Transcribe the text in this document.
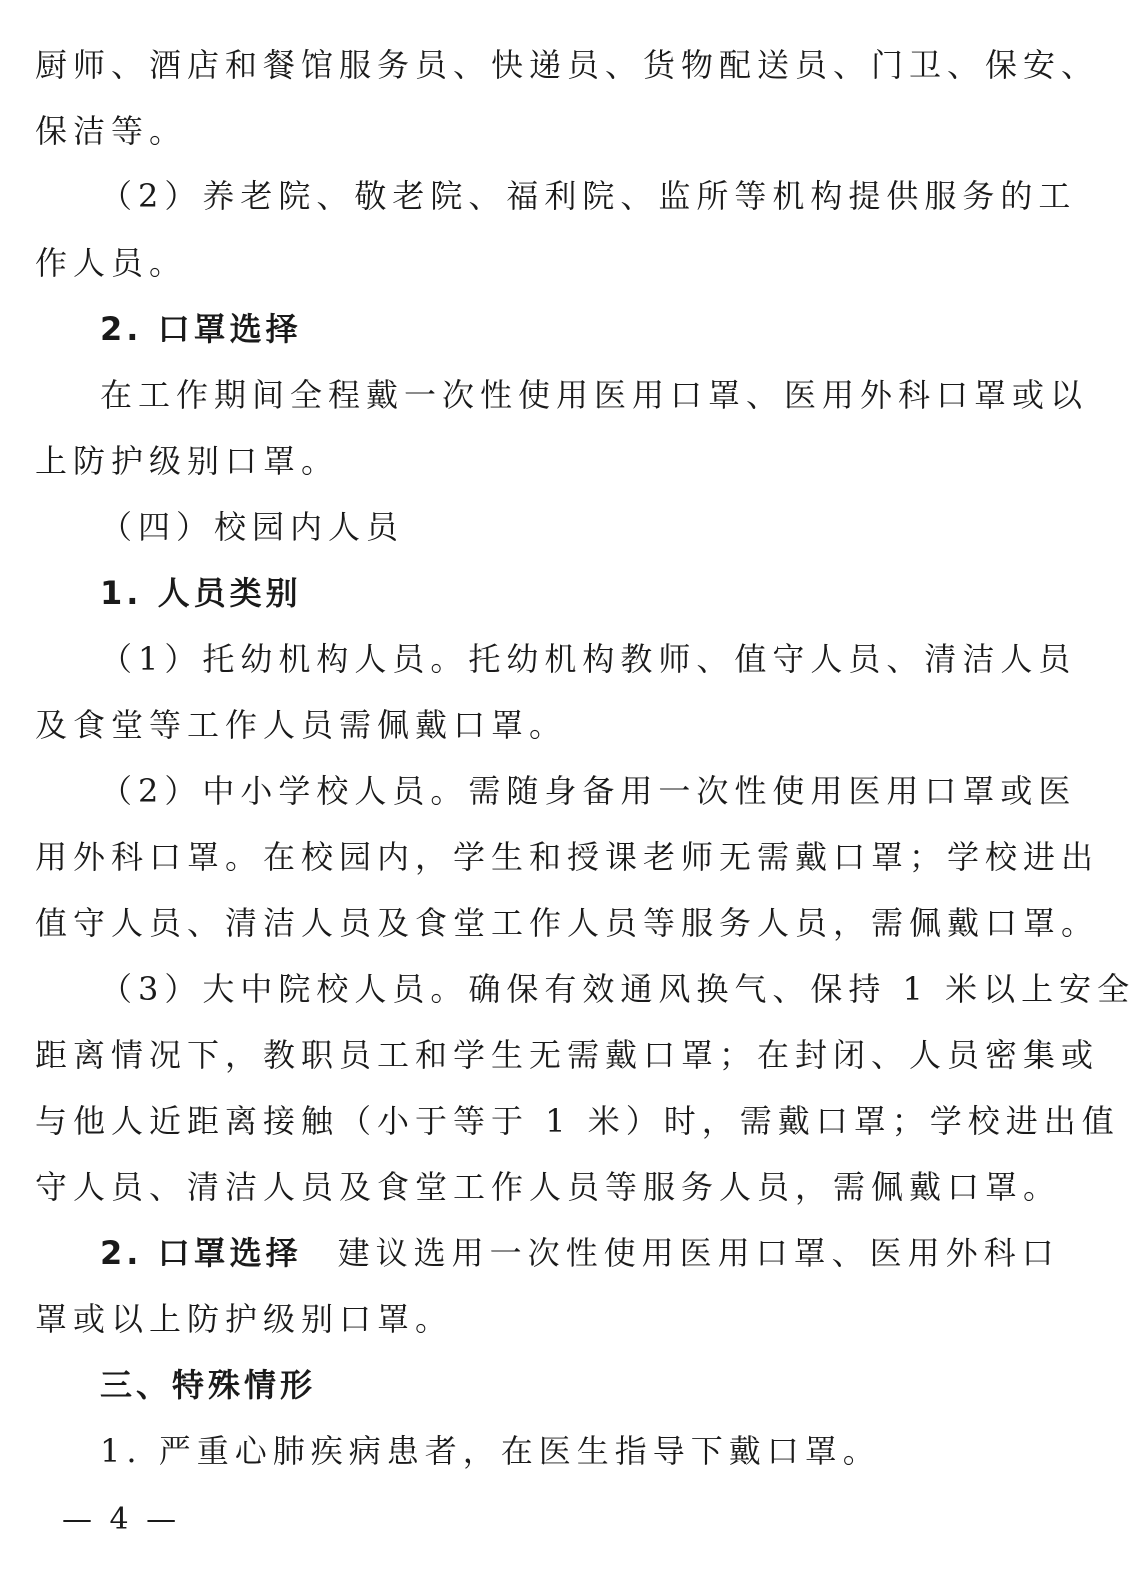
厨师、酒店和餐馆服务员、快递员、货物配送员、门卫、保安、
保洁等。
（2）养老院、敬老院、福利院、监所等机构提供服务的工
作人员。
2. 口罩选择
在工作期间全程戴一次性使用医用口罩、医用外科口罩或以
上防护级别口罩。
（四）校园内人员
1. 人员类别
（1）托幼机构人员。托幼机构教师、值守人员、清洁人员
及食堂等工作人员需佩戴口罩。
（2）中小学校人员。需随身备用一次性使用医用口罩或医
用外科口罩。在校园内，学生和授课老师无需戴口罩；学校进出
值守人员、清洁人员及食堂工作人员等服务人员，需佩戴口罩。
（3）大中院校人员。确保有效通风换气、保持 1 米以上安全
距离情况下，教职员工和学生无需戴口罩；在封闭、人员密集或
与他人近距离接触（小于等于 1 米）时，需戴口罩；学校进出值
守人员、清洁人员及食堂工作人员等服务人员，需佩戴口罩。
2. 口罩选择 建议选用一次性使用医用口罩、医用外科口
罩或以上防护级别口罩。
三、特殊情形
1. 严重心肺疾病患者，在医生指导下戴口罩。
— 4 —
